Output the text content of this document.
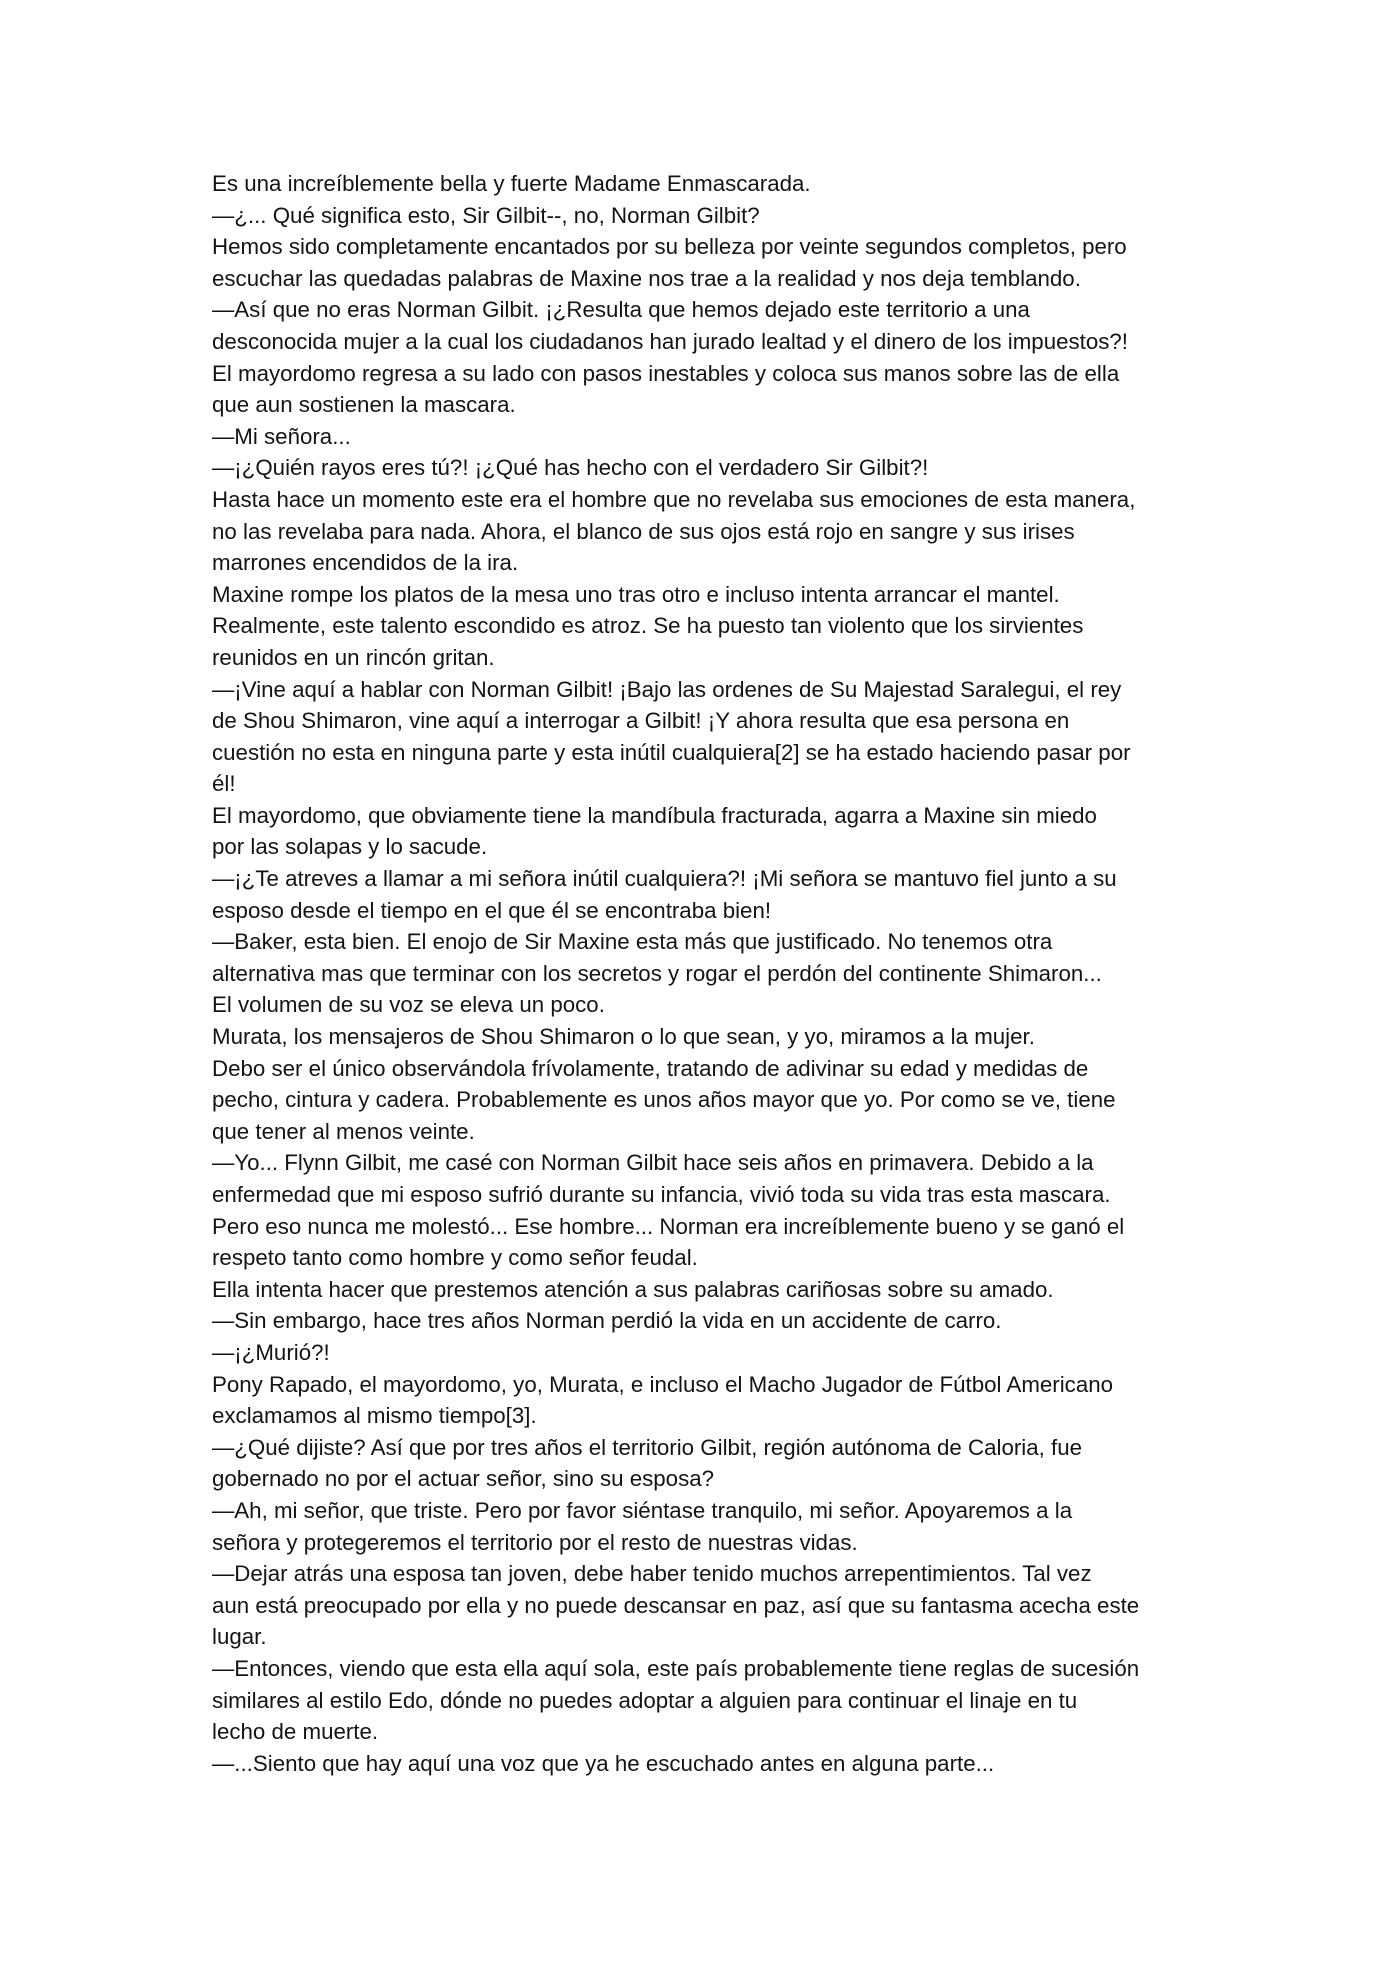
Es una increíblemente bella y fuerte Madame Enmascarada.

—¿... Qué significa esto, Sir Gilbit--, no, Norman Gilbit?

Hemos sido completamente encantados por su belleza por veinte segundos completos, pero

escuchar las quedadas palabras de Maxine nos trae a la realidad y nos deja temblando.

—Así que no eras Norman Gilbit. ¡¿Resulta que hemos dejado este territorio a una

desconocida mujer a la cual los ciudadanos han jurado lealtad y el dinero de los impuestos?!

El mayordomo regresa a su lado con pasos inestables y coloca sus manos sobre las de ella

que aun sostienen la mascara.

—Mi señora...

—¡¿Quién rayos eres tú?! ¡¿Qué has hecho con el verdadero Sir Gilbit?!

Hasta hace un momento este era el hombre que no revelaba sus emociones de esta manera,

no las revelaba para nada. Ahora, el blanco de sus ojos está rojo en sangre y sus irises

marrones encendidos de la ira.

Maxine rompe los platos de la mesa uno tras otro e incluso intenta arrancar el mantel.

Realmente, este talento escondido es atroz. Se ha puesto tan violento que los sirvientes

reunidos en un rincón gritan.

—¡Vine aquí a hablar con Norman Gilbit! ¡Bajo las ordenes de Su Majestad Saralegui, el rey

de Shou Shimaron, vine aquí a interrogar a Gilbit! ¡Y ahora resulta que esa persona en

cuestión no esta en ninguna parte y esta inútil cualquiera[2] se ha estado haciendo pasar por

él!

El mayordomo, que obviamente tiene la mandíbula fracturada, agarra a Maxine sin miedo

por las solapas y lo sacude.

—¡¿Te atreves a llamar a mi señora inútil cualquiera?! ¡Mi señora se mantuvo fiel junto a su

esposo desde el tiempo en el que él se encontraba bien!

—Baker, esta bien. El enojo de Sir Maxine esta más que justificado. No tenemos otra

alternativa mas que terminar con los secretos y rogar el perdón del continente Shimaron...

El volumen de su voz se eleva un poco.

Murata, los mensajeros de Shou Shimaron o lo que sean, y yo, miramos a la mujer.

Debo ser el único observándola frívolamente, tratando de adivinar su edad y medidas de

pecho, cintura y cadera. Probablemente es unos años mayor que yo. Por como se ve, tiene

que tener al menos veinte.

—Yo... Flynn Gilbit, me casé con Norman Gilbit hace seis años en primavera. Debido a la

enfermedad que mi esposo sufrió durante su infancia, vivió toda su vida tras esta mascara.

Pero eso nunca me molestó... Ese hombre... Norman era increíblemente bueno y se ganó el

respeto tanto como hombre y como señor feudal.

Ella intenta hacer que prestemos atención a sus palabras cariñosas sobre su amado.

—Sin embargo, hace tres años Norman perdió la vida en un accidente de carro.

—¡¿Murió?!

Pony Rapado, el mayordomo, yo, Murata, e incluso el Macho Jugador de Fútbol Americano

exclamamos al mismo tiempo[3].

—¿Qué dijiste? Así que por tres años el territorio Gilbit, región autónoma de Caloria, fue

gobernado no por el actuar señor, sino su esposa?

—Ah, mi señor, que triste. Pero por favor siéntase tranquilo, mi señor. Apoyaremos a la

señora y protegeremos el territorio por el resto de nuestras vidas.

—Dejar atrás una esposa tan joven, debe haber tenido muchos arrepentimientos. Tal vez

aun está preocupado por ella y no puede descansar en paz, así que su fantasma acecha este

lugar.

—Entonces, viendo que esta ella aquí sola, este país probablemente tiene reglas de sucesión

similares al estilo Edo, dónde no puedes adoptar a alguien para continuar el linaje en tu

lecho de muerte.

—...Siento que hay aquí una voz que ya he escuchado antes en alguna parte...
